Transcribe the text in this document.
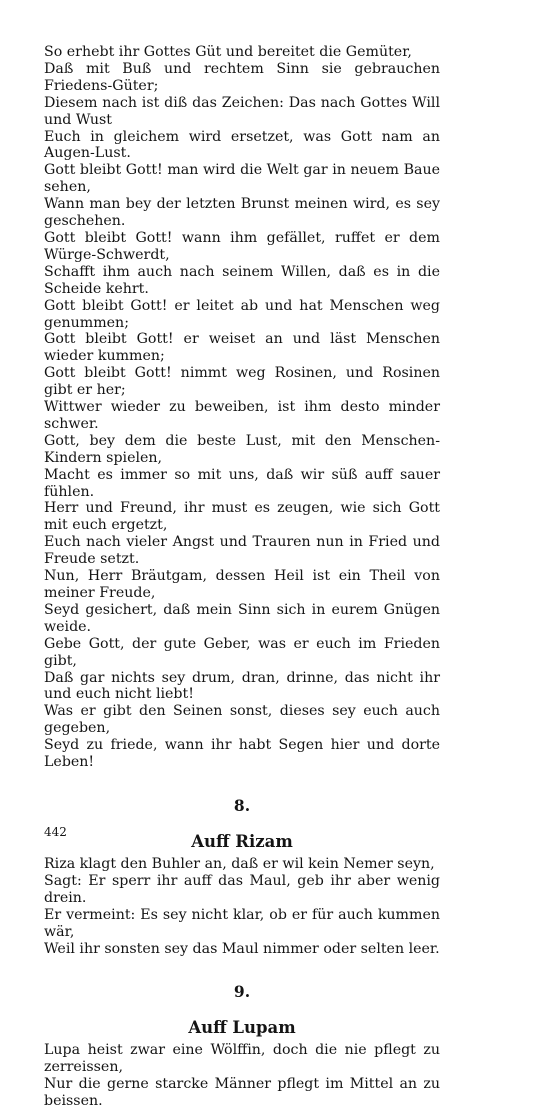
So erhebt ihr Gottes Güt und bereitet die Gemüter,

Daß mit Buß und rechtem Sinn sie gebrauchen Friedens-Güter;

Diesem nach ist diß das Zeichen: Das nach Gottes Will und Wust

Euch in gleichem wird ersetzet, was Gott nam an Augen-Lust.

Gott bleibt Gott! man wird die Welt gar in neuem Baue sehen,

Wann man bey der letzten Brunst meinen wird, es sey geschehen.

Gott bleibt Gott! wann ihm gefället, ruffet er dem Würge-Schwerdt,

Schafft ihm auch nach seinem Willen, daß es in die Scheide kehrt.

Gott bleibt Gott! er leitet ab und hat Menschen weg genummen;

Gott bleibt Gott! er weiset an und läst Menschen wieder kummen;

Gott bleibt Gott! nimmt weg Rosinen, und Rosinen gibt er her;

Wittwer wieder zu beweiben, ist ihm desto minder schwer.

Gott, bey dem die beste Lust, mit den Menschen-Kindern spielen,

Macht es immer so mit uns, daß wir süß auff sauer fühlen.

Herr und Freund, ihr must es zeugen, wie sich Gott mit euch ergetzt,

Euch nach vieler Angst und Trauren nun in Fried und Freude setzt.

Nun, Herr Bräutgam, dessen Heil ist ein Theil von meiner Freude,

Seyd gesichert, daß mein Sinn sich in eurem Gnügen weide.

Gebe Gott, der gute Geber, was er euch im Frieden gibt,

Daß gar nichts sey drum, dran, drinne, das nicht ihr und euch nicht liebt!

Was er gibt den Seinen sonst, dieses sey euch auch gegeben,

Seyd zu friede, wann ihr habt Segen hier und dorte Leben!

8.
Auff Rizam

Riza klagt den Buhler an, daß er wil kein Nemer seyn,

Sagt: Er sperr ihr auff das Maul, geb ihr aber wenig drein.

Er vermeint: Es sey nicht klar, ob er für auch kummen wär,

Weil ihr sonsten sey das Maul nimmer oder selten leer.

9.
Auff Lupam

Lupa heist zwar eine Wölffin, doch die nie pflegt zu zerreissen,

Nur die gerne starcke Männer pflegt im Mittel an zu beissen.

442
